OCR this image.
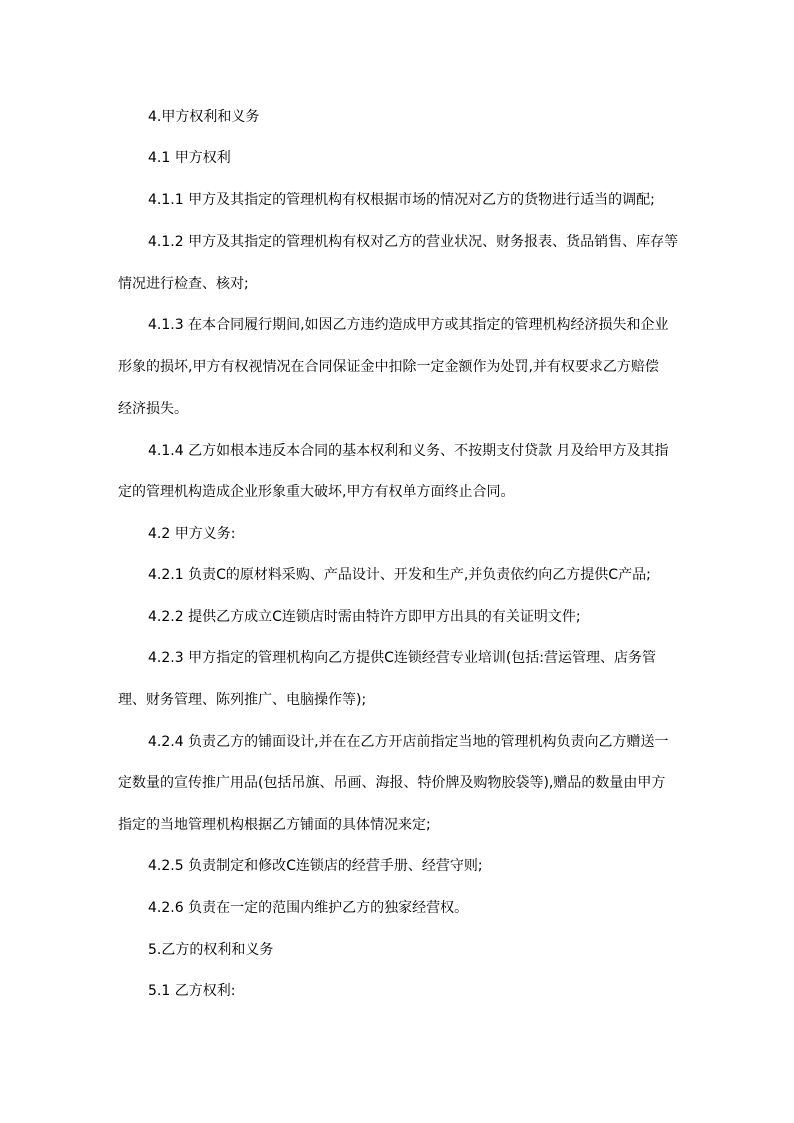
4.甲方权利和义务
4.1 甲方权利
4.1.1 甲方及其指定的管理机构有权根据市场的情况对乙方的货物进行适当的调配;
4.1.2 甲方及其指定的管理机构有权对乙方的营业状况、财务报表、货品销售、库存等
情况进行检查、核对;
4.1.3 在本合同履行期间,如因乙方违约造成甲方或其指定的管理机构经济损失和企业
形象的损坏,甲方有权视情况在合同保证金中扣除一定金额作为处罚,并有权要求乙方赔偿
经济损失。
4.1.4 乙方如根本违反本合同的基本权利和义务、不按期支付贷款 月及给甲方及其指
定的管理机构造成企业形象重大破坏,甲方有权单方面终止合同。
4.2 甲方义务:
4.2.1 负责C的原材料采购、产品设计、开发和生产,并负责依约向乙方提供C产品;
4.2.2 提供乙方成立C连锁店时需由特许方即甲方出具的有关证明文件;
4.2.3 甲方指定的管理机构向乙方提供C连锁经营专业培训(包括:营运管理、店务管
理、财务管理、陈列推广、电脑操作等);
4.2.4 负责乙方的铺面设计,并在在乙方开店前指定当地的管理机构负责向乙方赠送一
定数量的宣传推广用品(包括吊旗、吊画、海报、特价牌及购物胶袋等),赠品的数量由甲方
指定的当地管理机构根据乙方铺面的具体情况来定;
4.2.5 负责制定和修改C连锁店的经营手册、经营守则;
4.2.6 负责在一定的范围内维护乙方的独家经营权。
5.乙方的权利和义务
5.1 乙方权利:
